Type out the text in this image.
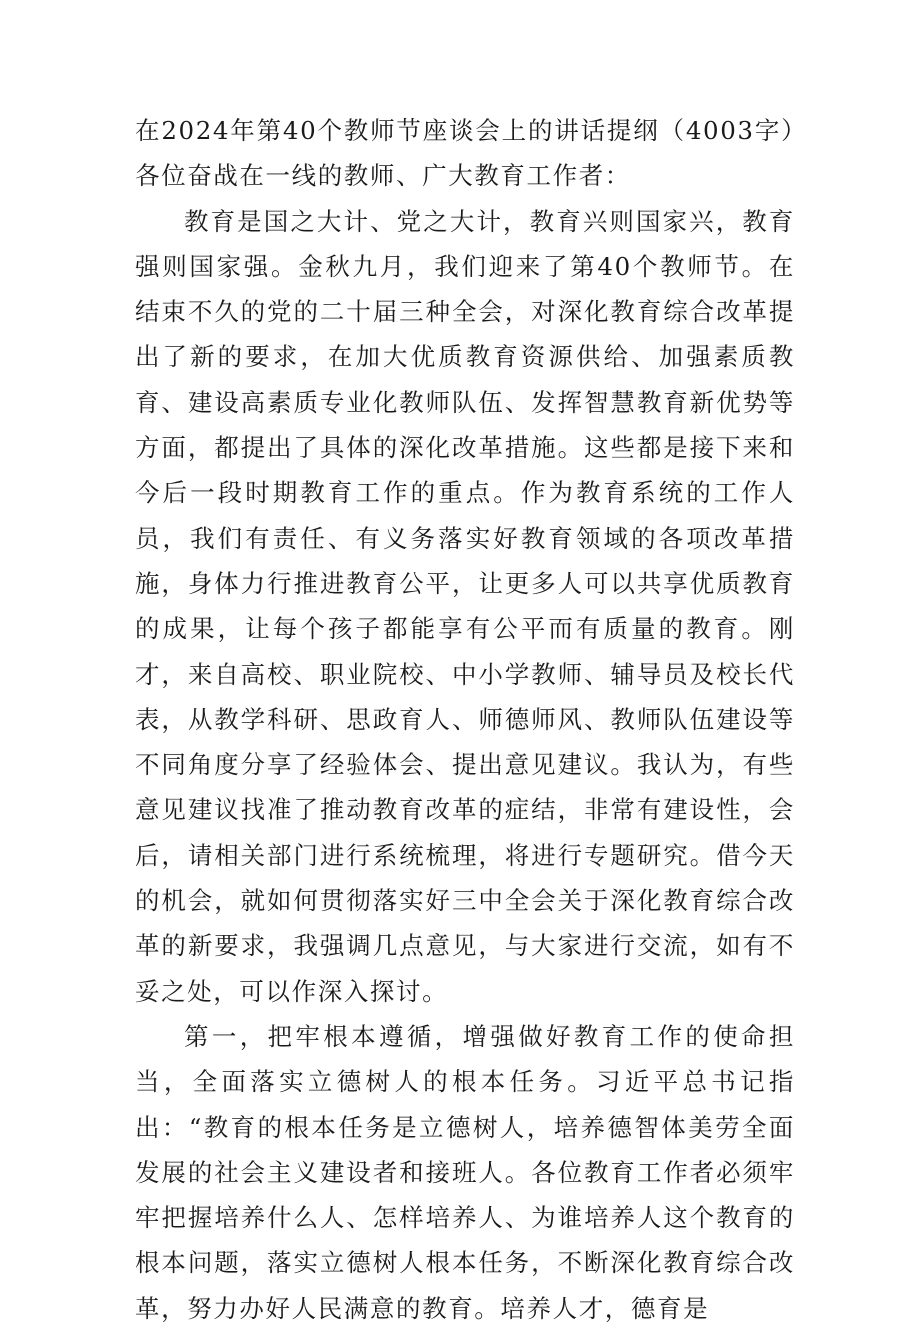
在2024年第40个教师节座谈会上的讲话提纲（4003字）各位奋战在一线的教师、广大教育工作者：

教育是国之大计、党之大计，教育兴则国家兴，教育强则国家强。金秋九月，我们迎来了第40个教师节。在结束不久的党的二十届三种全会，对深化教育综合改革提出了新的要求，在加大优质教育资源供给、加强素质教育、建设高素质专业化教师队伍、发挥智慧教育新优势等方面，都提出了具体的深化改革措施。这些都是接下来和今后一段时期教育工作的重点。作为教育系统的工作人员，我们有责任、有义务落实好教育领域的各项改革措施，身体力行推进教育公平，让更多人可以共享优质教育的成果，让每个孩子都能享有公平而有质量的教育。刚才，来自高校、职业院校、中小学教师、辅导员及校长代表，从教学科研、思政育人、师德师风、教师队伍建设等不同角度分享了经验体会、提出意见建议。我认为，有些意见建议找准了推动教育改革的症结，非常有建设性，会后，请相关部门进行系统梳理，将进行专题研究。借今天的机会，就如何贯彻落实好三中全会关于深化教育综合改革的新要求，我强调几点意见，与大家进行交流，如有不妥之处，可以作深入探讨。

第一，把牢根本遵循，增强做好教育工作的使命担当，全面落实立德树人的根本任务。习近平总书记指出：“教育的根本任务是立德树人，培养德智体美劳全面发展的社会主义建设者和接班人。各位教育工作者必须牢牢把握培养什么人、怎样培养人、为谁培养人这个教育的根本问题，落实立德树人根本任务，不断深化教育综合改革，努力办好人民满意的教育。培养人才，德育是
